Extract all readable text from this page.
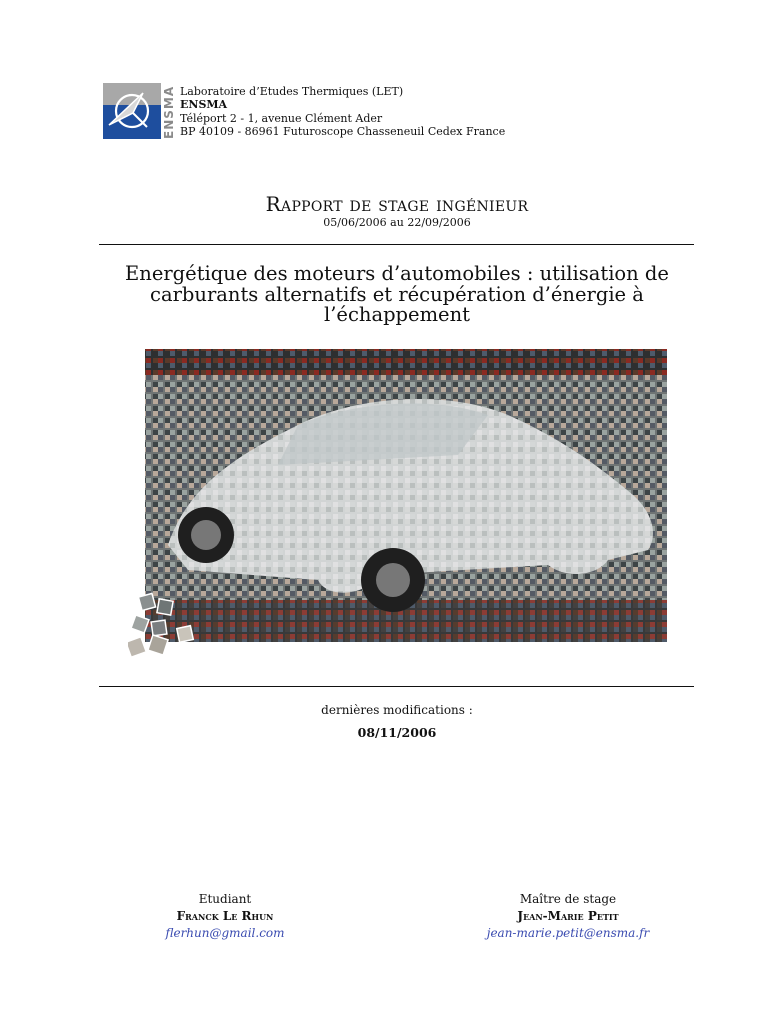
ENSMA Laboratoire d’Etudes Thermiques (LET)
ENSMA
Téléport 2 - 1, avenue Clément Ader
BP 40109 - 86961 Futuroscope Chasseneuil Cedex France
Rapport de stage ingénieur
05/06/2006 au 22/09/2006
Energétique des moteurs d’automobiles : utilisation de
carburants alternatifs et récupération d’énergie à
l’échappement
dernières modifications :
08/11/2006
Etudiant
Franck Le Rhun
flerhun@gmail.com
Maître de stage
Jean-Marie Petit
jean-marie.petit@ensma.fr
